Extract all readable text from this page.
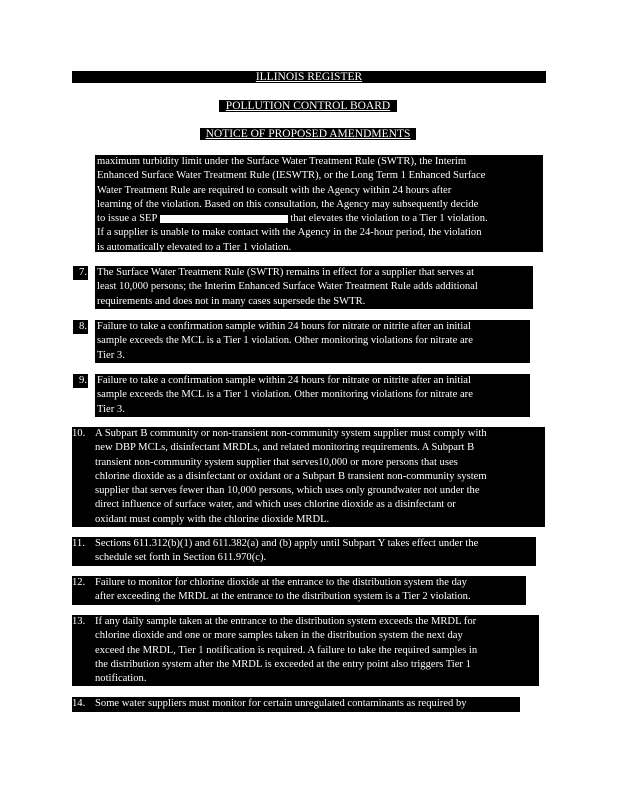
ILLINOIS REGISTER
POLLUTION CONTROL BOARD
NOTICE OF PROPOSED AMENDMENTS
maximum turbidity limit under the Surface Water Treatment Rule (SWTR), the Interim
Enhanced Surface Water Treatment Rule (IESWTR), or the Long Term 1 Enhanced Surface
Water Treatment Rule are required to consult with the Agency within 24 hours after
learning of the violation. Based on this consultation, the Agency may subsequently decide
to issue a SEP	that elevates the violation to a Tier 1 violation.
If a supplier is unable to make contact with the Agency in the 24-hour period, the violation
is automatically elevated to a Tier 1 violation.
7. The Surface Water Treatment Rule (SWTR) remains in effect for a supplier that serves at
least 10,000 persons; the Interim Enhanced Surface Water Treatment Rule adds additional
requirements and does not in many cases supersede the SWTR.
8. Failure to take a confirmation sample within 24 hours for nitrate or nitrite after an initial
sample exceeds the MCL is a Tier 1 violation. Other monitoring violations for nitrate are
Tier 3.
9. Failure to take a confirmation sample within 24 hours for nitrate or nitrite after an initial
sample exceeds the MCL is a Tier 1 violation. Other monitoring violations for nitrate are
Tier 3.
10. A Subpart B community or non-transient non-community system supplier must comply with
new DBP MCLs, disinfectant MRDLs, and related monitoring requirements. A Subpart B
transient non-community system supplier that serves10,000 or more persons that uses
chlorine dioxide as a disinfectant or oxidant or a Subpart B transient non-community system
supplier that serves fewer than 10,000 persons, which uses only groundwater not under the
direct influence of surface water, and which uses chlorine dioxide as a disinfectant or
oxidant must comply with the chlorine dioxide MRDL.
11. Sections 611.312(b)(1) and 611.382(a) and (b) apply until Subpart Y takes effect under the
schedule set forth in Section 611.970(c).
12. Failure to monitor for chlorine dioxide at the entrance to the distribution system the day
after exceeding the MRDL at the entrance to the distribution system is a Tier 2 violation.
13. If any daily sample taken at the entrance to the distribution system exceeds the MRDL for
chlorine dioxide and one or more samples taken in the distribution system the next day
exceed the MRDL, Tier 1 notification is required. A failure to take the required samples in
the distribution system after the MRDL is exceeded at the entry point also triggers Tier 1
notification.
14. Some water suppliers must monitor for certain unregulated contaminants as required by
